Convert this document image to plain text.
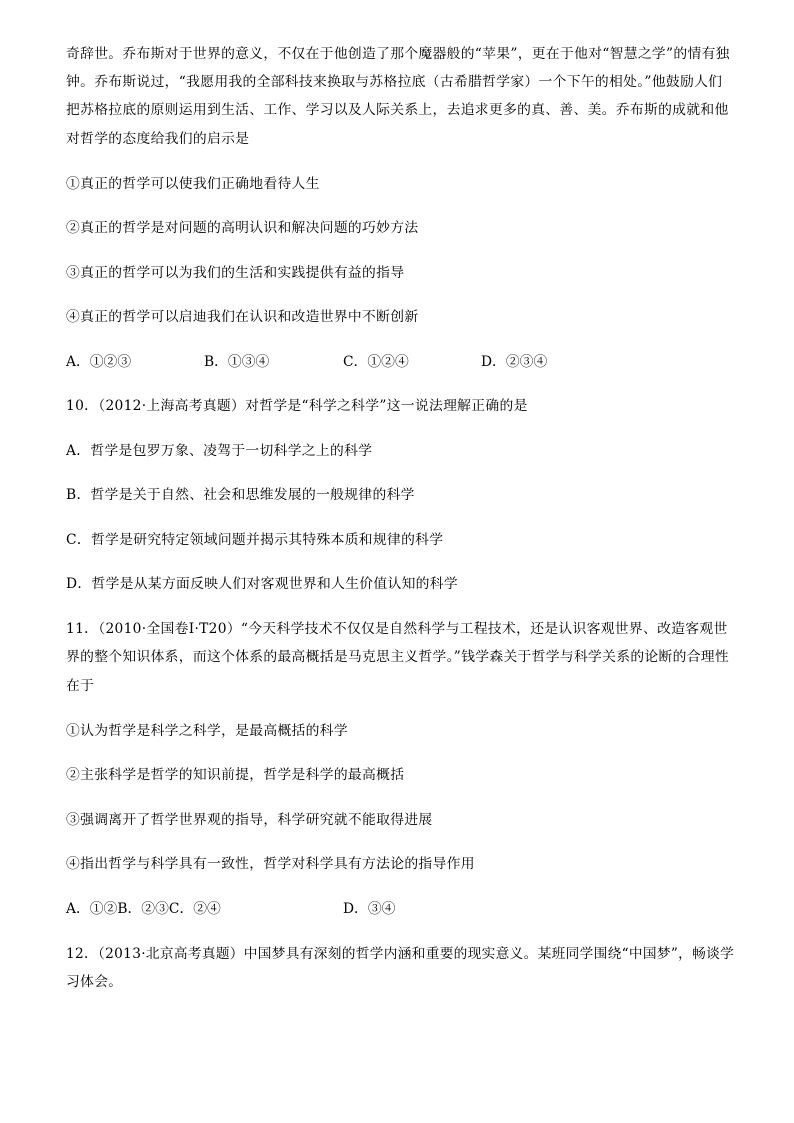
奇辞世。乔布斯对于世界的意义，不仅在于他创造了那个魔器般的“苹果”，更在于他对“智慧之学”的情有独
钟。乔布斯说过，“我愿用我的全部科技来换取与苏格拉底（古希腊哲学家）一个下午的相处。”他鼓励人们
把苏格拉底的原则运用到生活、工作、学习以及人际关系上，去追求更多的真、善、美。乔布斯的成就和他
对哲学的态度给我们的启示是
①真正的哲学可以使我们正确地看待人生
②真正的哲学是对问题的高明认识和解决问题的巧妙方法
③真正的哲学可以为我们的生活和实践提供有益的指导
④真正的哲学可以启迪我们在认识和改造世界中不断创新
A．①②③	B．①③④	C．①②④	D．②③④
10．（2012·上海高考真题）对哲学是“科学之科学”这一说法理解正确的是
A．哲学是包罗万象、凌驾于一切科学之上的科学
B．哲学是关于自然、社会和思维发展的一般规律的科学
C．哲学是研究特定领域问题并揭示其特殊本质和规律的科学
D．哲学是从某方面反映人们对客观世界和人生价值认知的科学
11．（2010·全国卷Ⅰ·T20）“今天科学技术不仅仅是自然科学与工程技术，还是认识客观世界、改造客观世
界的整个知识体系，而这个体系的最高概括是马克思主义哲学。”钱学森关于哲学与科学关系的论断的合理性
在于
①认为哲学是科学之科学，是最高概括的科学
②主张科学是哲学的知识前提，哲学是科学的最高概括
③强调离开了哲学世界观的指导，科学研究就不能取得进展
④指出哲学与科学具有一致性，哲学对科学具有方法论的指导作用
A．①②B．②③C．②④	D．③④
12．（2013·北京高考真题）中国梦具有深刻的哲学内涵和重要的现实意义。某班同学围绕“中国梦”，畅谈学
习体会。
